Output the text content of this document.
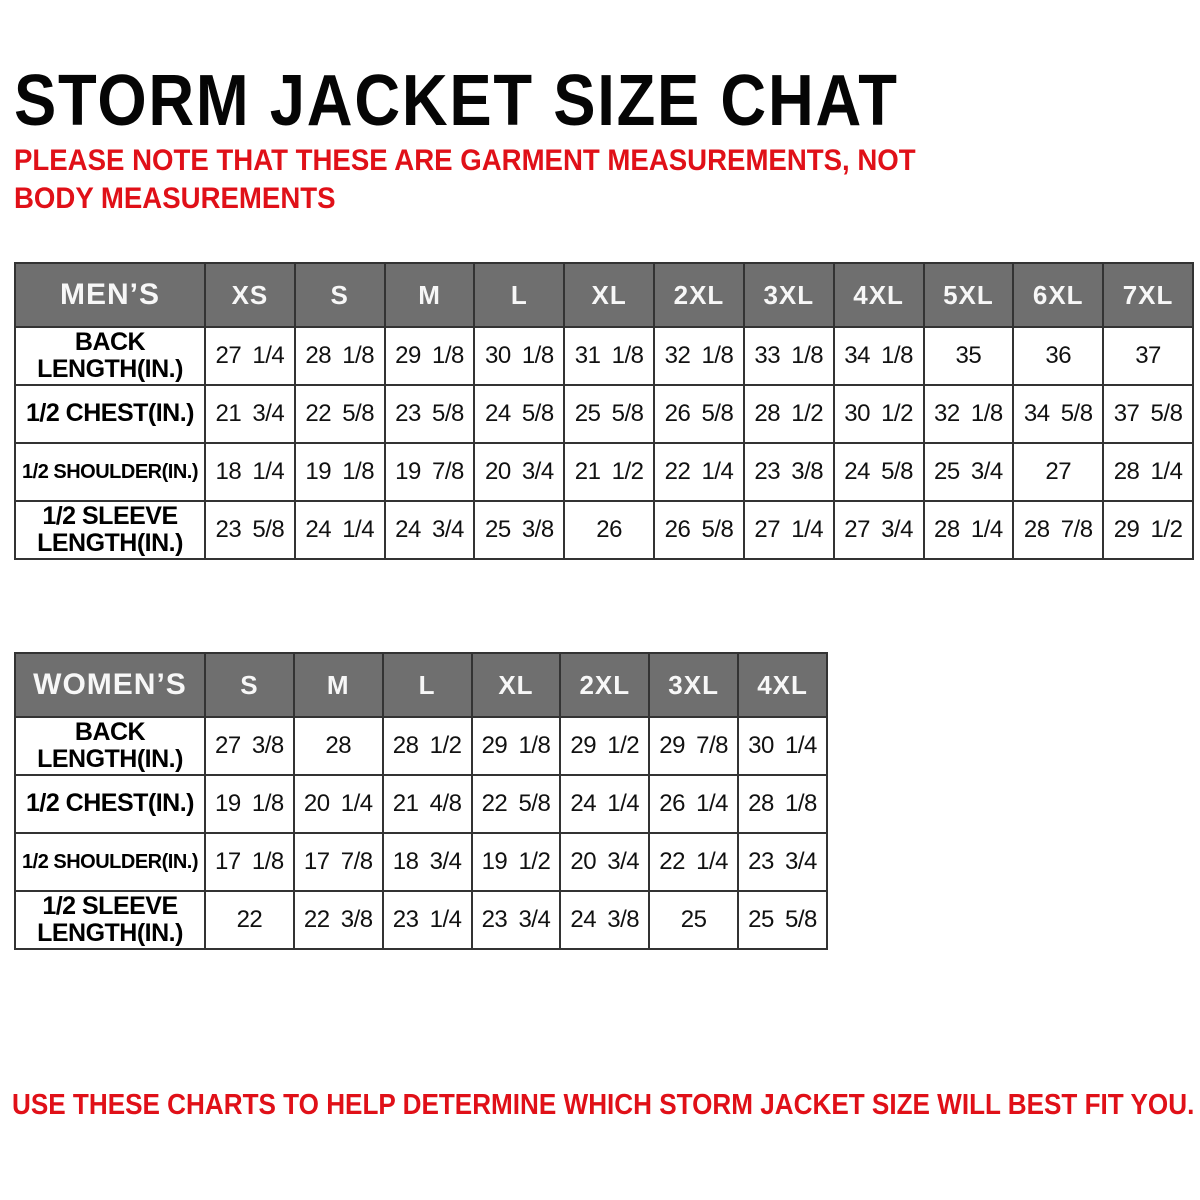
STORM JACKET SIZE CHAT

PLEASE NOTE THAT THESE ARE GARMENT MEASUREMENTS, NOT BODY MEASUREMENTS

MEN’S	XS	S	M	L	XL	2XL	3XL	4XL	5XL	6XL	7XL
BACK
LENGTH(IN.)	27 1/4	28 1/8	29 1/8	30 1/8	31 1/8	32 1/8	33 1/8	34 1/8	35	36	37
1/2 CHEST(IN.)	21 3/4	22 5/8	23 5/8	24 5/8	25 5/8	26 5/8	28 1/2	30 1/2	32 1/8	34 5/8	37 5/8
1/2 SHOULDER(IN.)	18 1/4	19 1/8	19 7/8	20 3/4	21 1/2	22 1/4	23 3/8	24 5/8	25 3/4	27	28 1/4
1/2 SLEEVE
LENGTH(IN.)	23 5/8	24 1/4	24 3/4	25 3/8	26	26 5/8	27 1/4	27 3/4	28 1/4	28 7/8	29 1/2
WOMEN’S	S	M	L	XL	2XL	3XL	4XL
BACK
LENGTH(IN.)	27 3/8	28	28 1/2	29 1/8	29 1/2	29 7/8	30 1/4
1/2 CHEST(IN.)	19 1/8	20 1/4	21 4/8	22 5/8	24 1/4	26 1/4	28 1/8
1/2 SHOULDER(IN.)	17 1/8	17 7/8	18 3/4	19 1/2	20 3/4	22 1/4	23 3/4
1/2 SLEEVE
LENGTH(IN.)	22	22 3/8	23 1/4	23 3/4	24 3/8	25	25 5/8

USE THESE CHARTS TO HELP DETERMINE WHICH STORM JACKET SIZE WILL BEST FIT YOU.
